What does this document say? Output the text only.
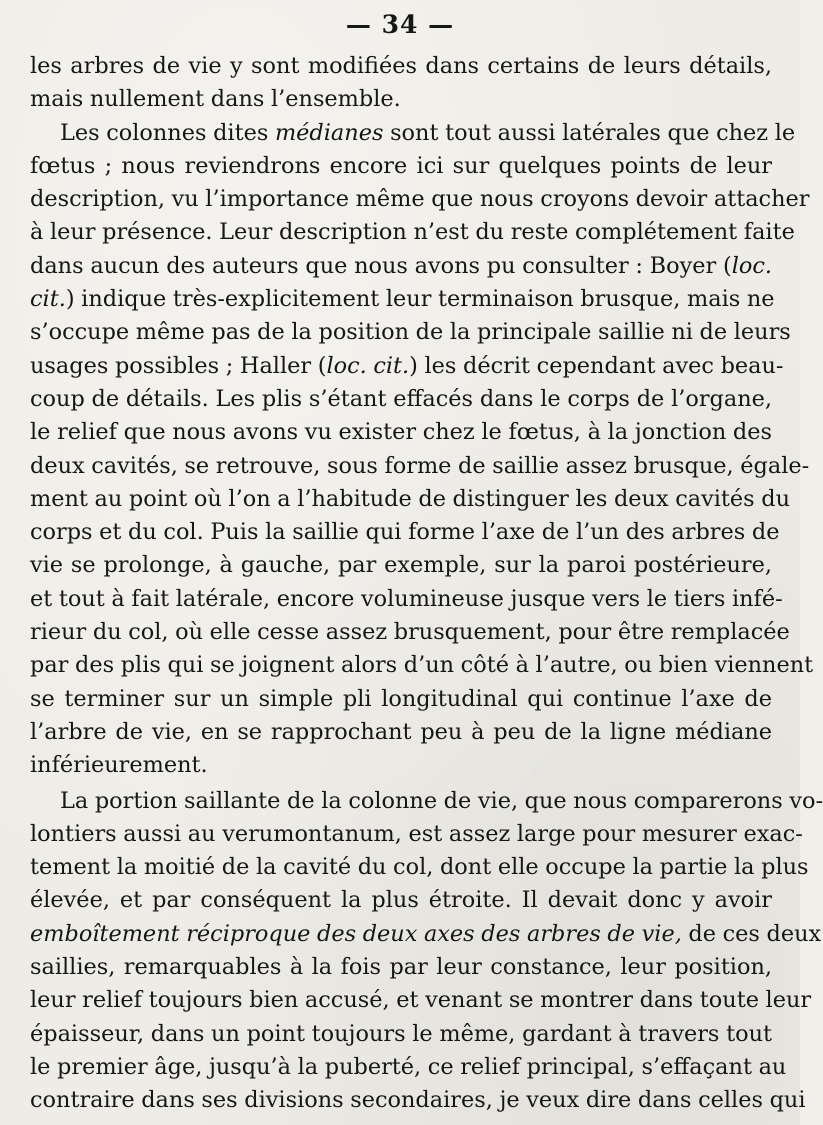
— 34 —
les arbres de vie y sont modifiées dans certains de leurs détails,
mais nullement dans l’ensemble.
Les colonnes dites médianes sont tout aussi latérales que chez le
fœtus ; nous reviendrons encore ici sur quelques points de leur
description, vu l’importance même que nous croyons devoir attacher
à leur présence. Leur description n’est du reste complétement faite
dans aucun des auteurs que nous avons pu consulter : Boyer (loc.
cit.) indique très-explicitement leur terminaison brusque, mais ne
s’occupe même pas de la position de la principale saillie ni de leurs
usages possibles ; Haller (loc. cit.) les décrit cependant avec beau-
coup de détails. Les plis s’étant effacés dans le corps de l’organe,
le relief que nous avons vu exister chez le fœtus, à la jonction des
deux cavités, se retrouve, sous forme de saillie assez brusque, égale-
ment au point où l’on a l’habitude de distinguer les deux cavités du
corps et du col. Puis la saillie qui forme l’axe de l’un des arbres de
vie se prolonge, à gauche, par exemple, sur la paroi postérieure,
et tout à fait latérale, encore volumineuse jusque vers le tiers infé-
rieur du col, où elle cesse assez brusquement, pour être remplacée
par des plis qui se joignent alors d’un côté à l’autre, ou bien viennent
se terminer sur un simple pli longitudinal qui continue l’axe de
l’arbre de vie, en se rapprochant peu à peu de la ligne médiane
inférieurement.
La portion saillante de la colonne de vie, que nous comparerons vo-
lontiers aussi au verumontanum, est assez large pour mesurer exac-
tement la moitié de la cavité du col, dont elle occupe la partie la plus
élevée, et par conséquent la plus étroite. Il devait donc y avoir
emboîtement réciproque des deux axes des arbres de vie, de ces deux
saillies, remarquables à la fois par leur constance, leur position,
leur relief toujours bien accusé, et venant se montrer dans toute leur
épaisseur, dans un point toujours le même, gardant à travers tout
le premier âge, jusqu’à la puberté, ce relief principal, s’effaçant au
contraire dans ses divisions secondaires, je veux dire dans celles qui
